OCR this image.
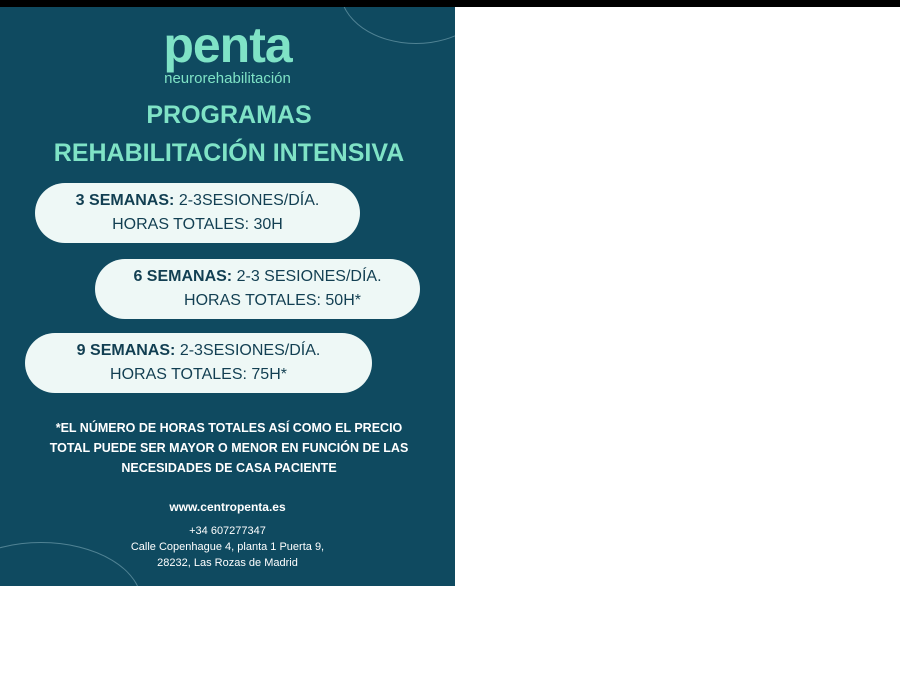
penta
neurorehabilitación
PROGRAMAS
REHABILITACIÓN INTENSIVA
3 SEMANAS: 2-3SESIONES/DÍA.
HORAS TOTALES: 30H
6 SEMANAS: 2-3 SESIONES/DÍA.
HORAS TOTALES: 50H*
9 SEMANAS: 2-3SESIONES/DÍA.
HORAS TOTALES: 75H*
*EL NÚMERO DE HORAS TOTALES ASÍ COMO EL PRECIO
TOTAL PUEDE SER MAYOR O MENOR EN FUNCIÓN DE LAS
NECESIDADES DE CASA PACIENTE
www.centropenta.es
+34 607277347
Calle Copenhague 4, planta 1 Puerta 9,
28232, Las Rozas de Madrid
